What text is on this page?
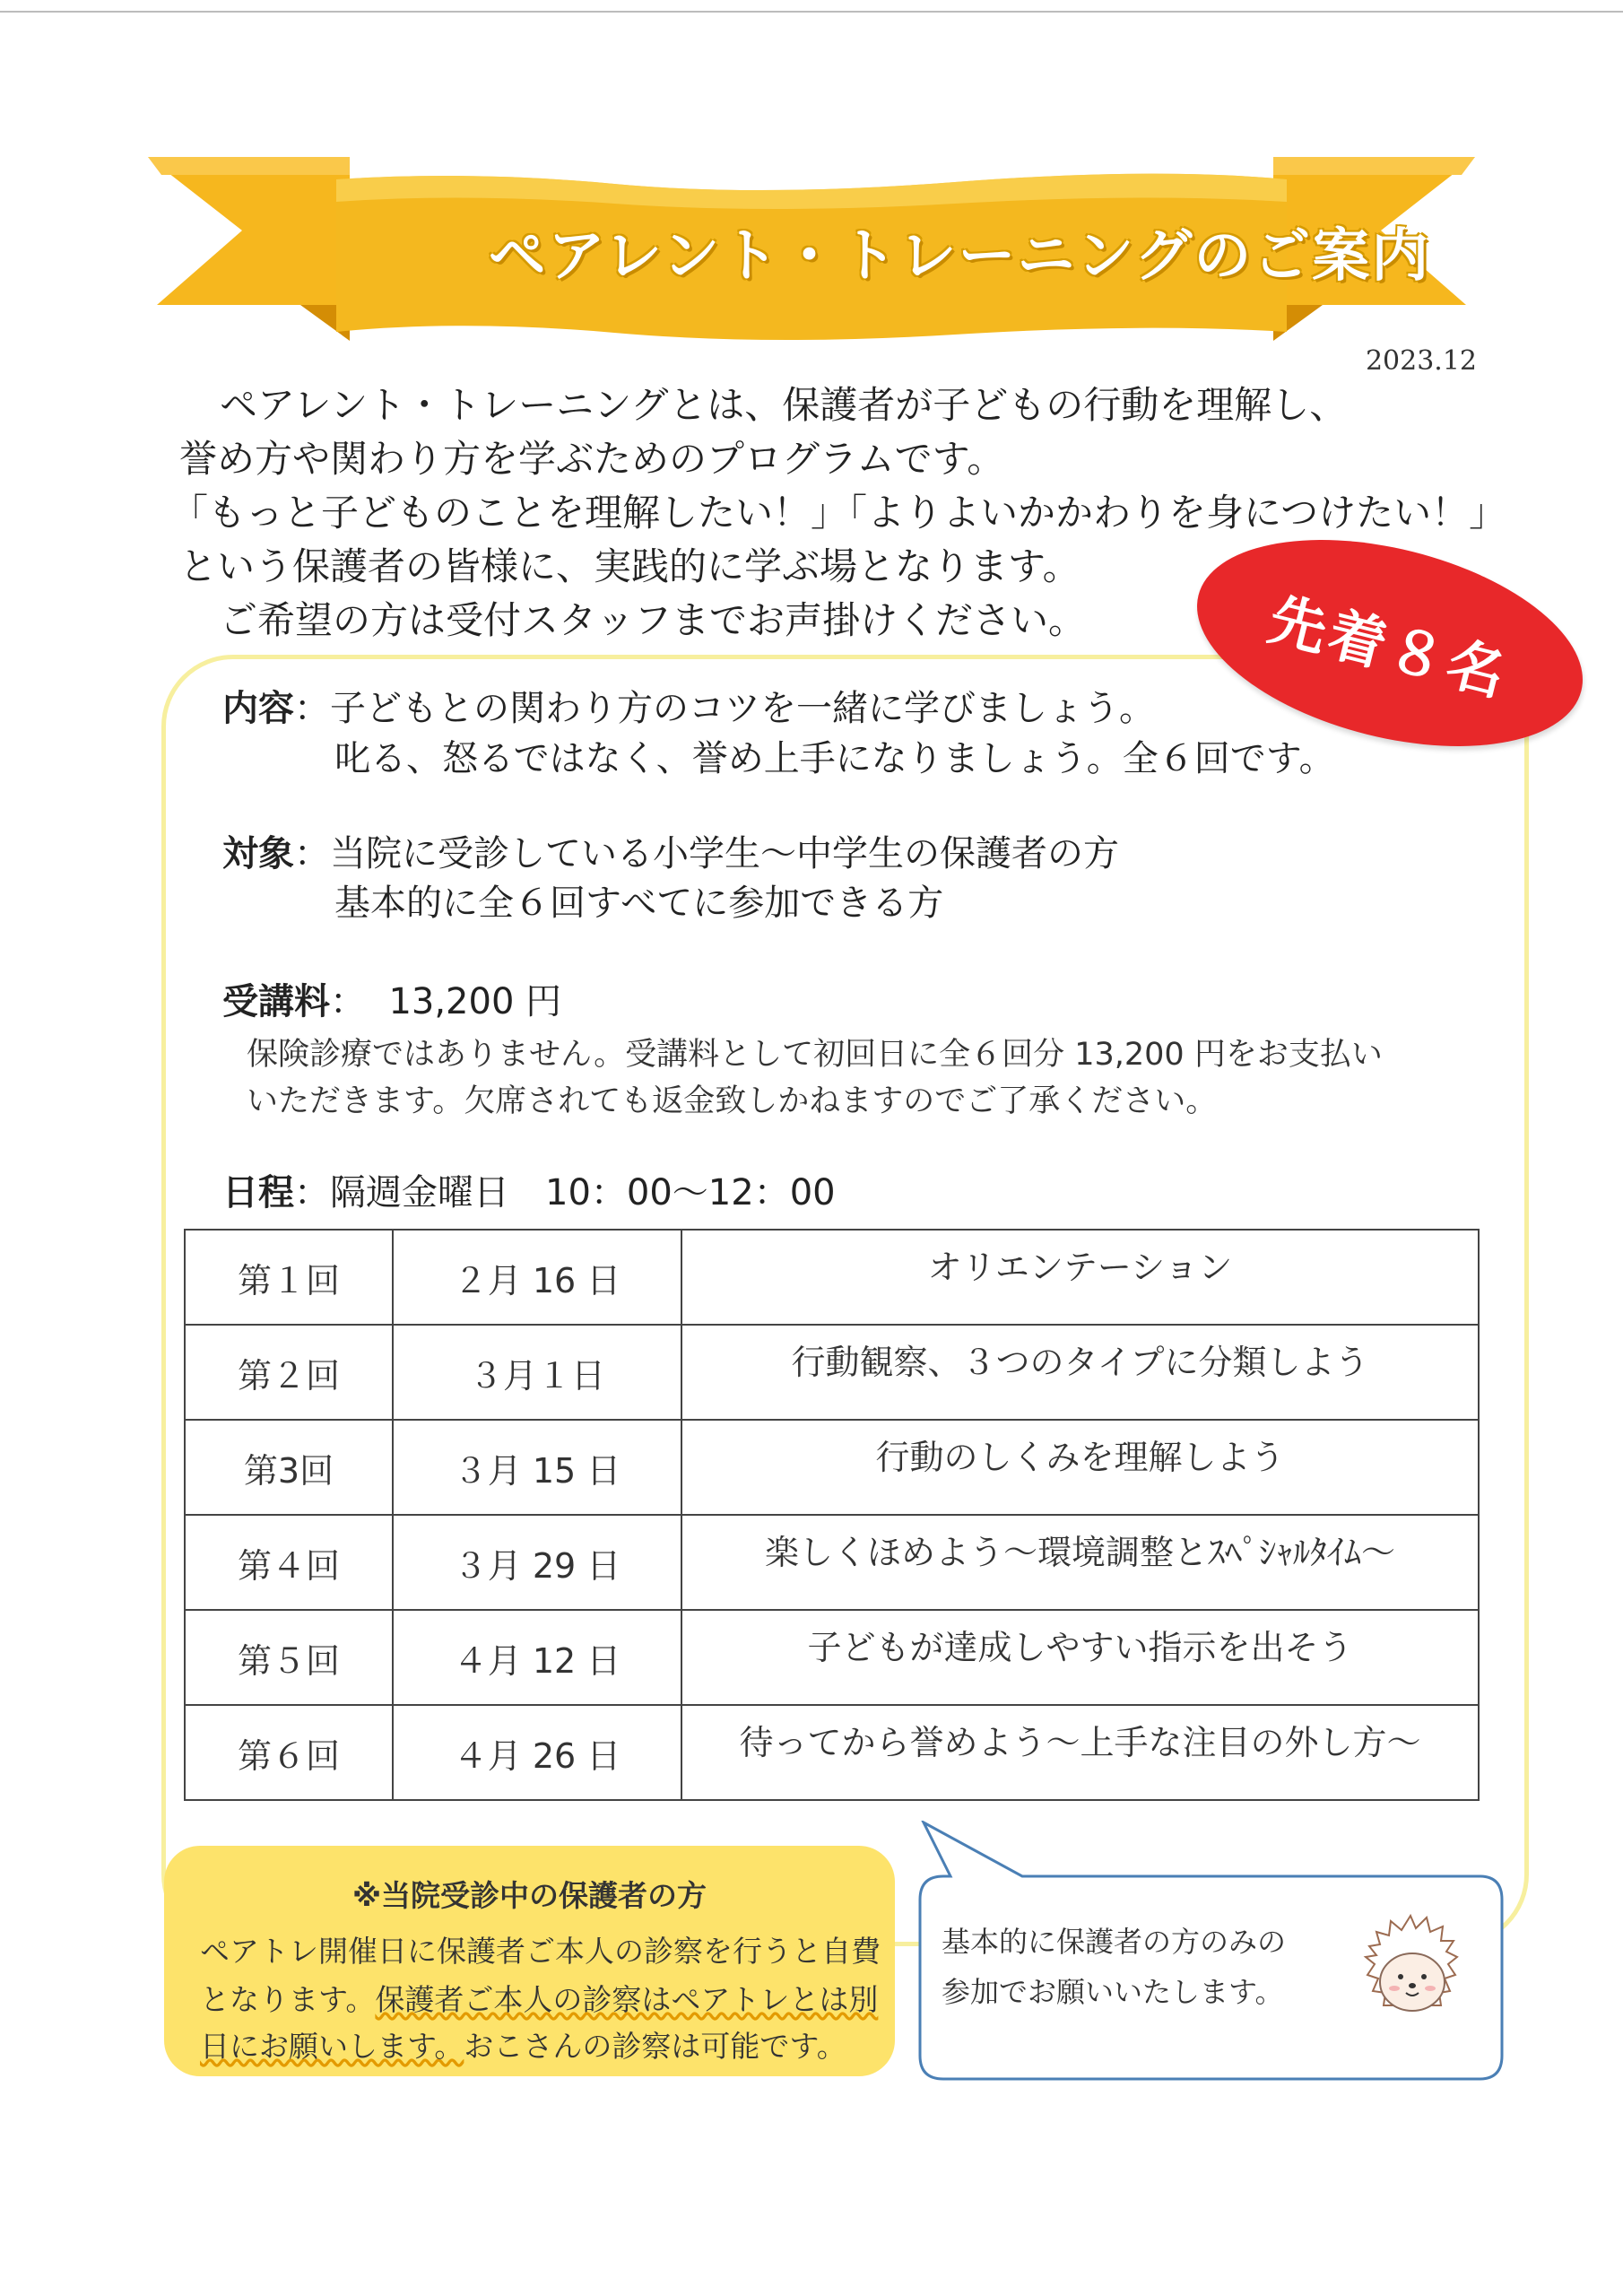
ペアレント・トレーニングのご案内
2023.12
ペアレント・トレーニングとは、保護者が子どもの行動を理解し、
誉め方や関わり方を学ぶためのプログラムです。
「もっと子どものことを理解したい！」「よりよいかかわりを身につけたい！」
という保護者の皆様に、実践的に学ぶ場となります。
ご希望の方は受付スタッフまでお声掛けください。	先着８名
内容：子どもとの関わり方のコツを一緒に学びましょう。
叱る、怒るではなく、誉め上手になりましょう。全６回です。
対象：当院に受診している小学生～中学生の保護者の方
基本的に全６回すべてに参加できる方
受講料：  13,200 円
保険診療ではありません。受講料として初回日に全６回分 13,200 円をお支払い
いただきます。欠席されても返金致しかねますのでご了承ください。
日程：隔週金曜日　10：00～12：00
第１回	２月 16 日	オリエンテーション
第２回	３月１日	行動観察、３つのタイプに分類しよう
第3回	３月 15 日	行動のしくみを理解しよう
第４回	３月 29 日	楽しくほめよう～環境調整とｽﾍﾟｼｬﾙﾀｲﾑ～
第５回	４月 12 日	子どもが達成しやすい指示を出そう
第６回	４月 26 日	待ってから誉めよう～上手な注目の外し方～
※当院受診中の保護者の方
ペアトレ開催日に保護者ご本人の診察を行うと自費
となります。保護者ご本人の診察はペアトレとは別
日にお願いします。おこさんの診察は可能です。
基本的に保護者の方のみの
参加でお願いいたします。
